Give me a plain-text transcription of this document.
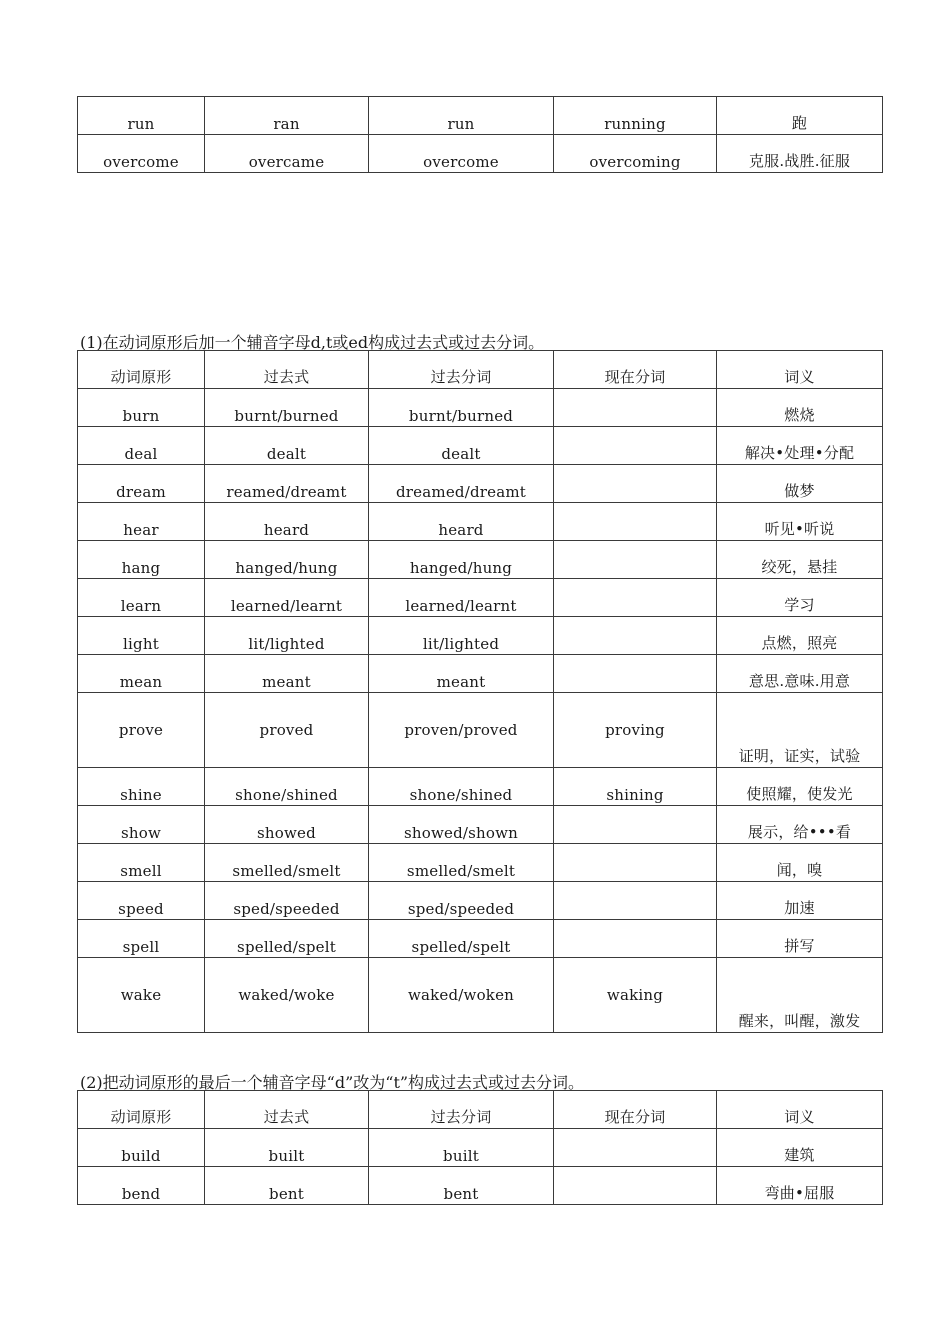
run	ran	run	running	跑
overcome	overcame	overcome	overcoming	克服.战胜.征服
(1)在动词原形后加一个辅音字母d,t或ed构成过去式或过去分词。
动词原形	过去式	过去分词	现在分词	词义
burn	burnt/burned	burnt/burned		燃烧
deal	dealt	dealt		解决•处理•分配
dream	reamed/dreamt	dreamed/dreamt		做梦
hear	heard	heard		听见•听说
hang	hanged/hung	hanged/hung		绞死，悬挂
learn	learned/learnt	learned/learnt		学习
light	lit/lighted	lit/lighted		点燃，照亮
mean	meant	meant		意思.意味.用意
prove	proved	proven/proved	proving	证明，证实，试验
shine	shone/shined	shone/shined	shining	使照耀，使发光
show	showed	showed/shown		展示，给•••看
smell	smelled/smelt	smelled/smelt		闻，嗅
speed	sped/speeded	sped/speeded		加速
spell	spelled/spelt	spelled/spelt		拼写
wake	waked/woke	waked/woken	waking	醒来，叫醒，激发
(2)把动词原形的最后一个辅音字母“d”改为“t”构成过去式或过去分词。
动词原形	过去式	过去分词	现在分词	词义
build	built	built		建筑
bend	bent	bent		弯曲•屈服
